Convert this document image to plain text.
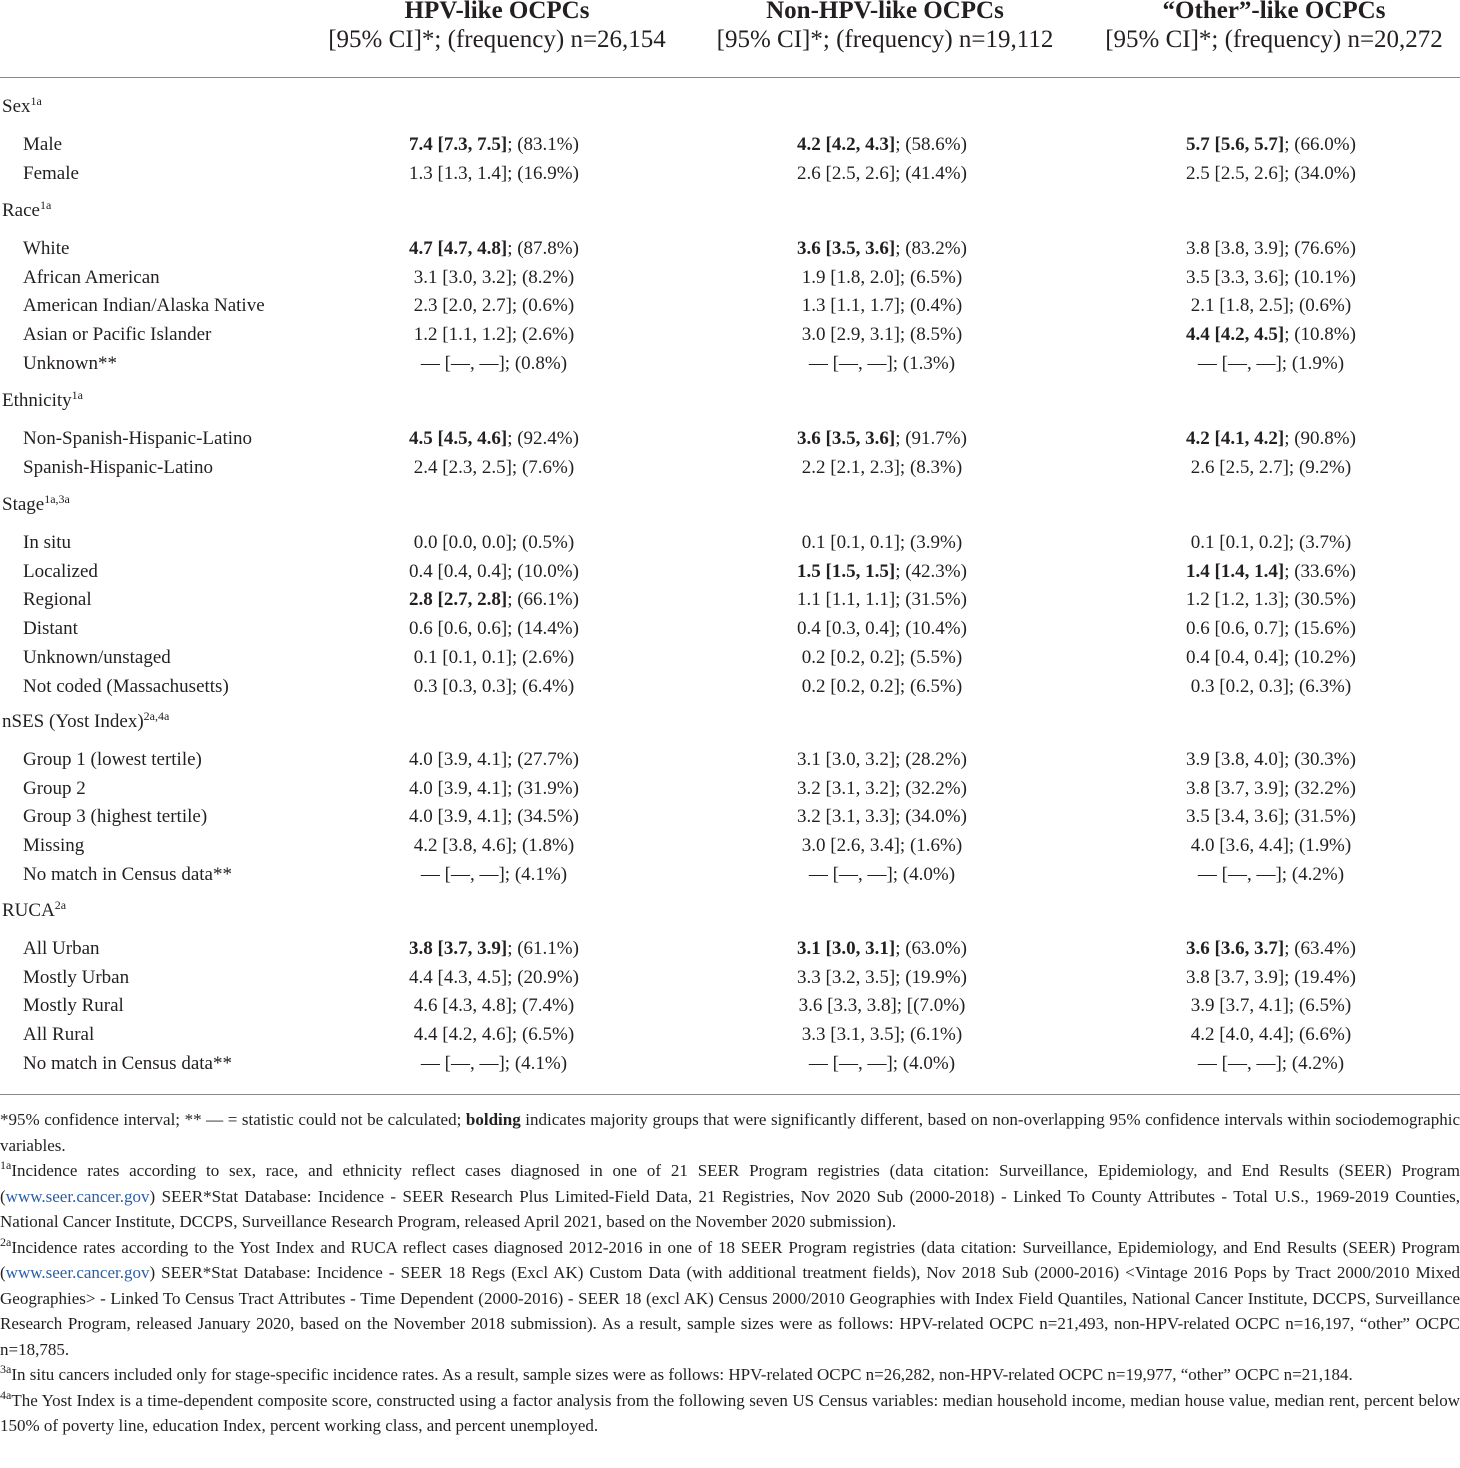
HPV-like OCPCs
[95% CI]*; (frequency) n=26,154
Non-HPV-like OCPCs
[95% CI]*; (frequency) n=19,112
“Other”-like OCPCs
[95% CI]*; (frequency) n=20,272
Sex$^{1a}$
Male	7.4 [7.3, 7.5]; (83.1%)	4.2 [4.2, 4.3]; (58.6%)	5.7 [5.6, 5.7]; (66.0%)
Female	1.3 [1.3, 1.4]; (16.9%)	2.6 [2.5, 2.6]; (41.4%)	2.5 [2.5, 2.6]; (34.0%)
Race$^{1a}$
White	4.7 [4.7, 4.8]; (87.8%)	3.6 [3.5, 3.6]; (83.2%)	3.8 [3.8, 3.9]; (76.6%)
African American	3.1 [3.0, 3.2]; (8.2%)	1.9 [1.8, 2.0]; (6.5%)	3.5 [3.3, 3.6]; (10.1%)
American Indian/Alaska Native	2.3 [2.0, 2.7]; (0.6%)	1.3 [1.1, 1.7]; (0.4%)	2.1 [1.8, 2.5]; (0.6%)
Asian or Pacific Islander	1.2 [1.1, 1.2]; (2.6%)	3.0 [2.9, 3.1]; (8.5%)	4.4 [4.2, 4.5]; (10.8%)
Unknown**	— [—, —]; (0.8%)	— [—, —]; (1.3%)	— [—, —]; (1.9%)
Ethnicity$^{1a}$
Non-Spanish-Hispanic-Latino	4.5 [4.5, 4.6]; (92.4%)	3.6 [3.5, 3.6]; (91.7%)	4.2 [4.1, 4.2]; (90.8%)
Spanish-Hispanic-Latino	2.4 [2.3, 2.5]; (7.6%)	2.2 [2.1, 2.3]; (8.3%)	2.6 [2.5, 2.7]; (9.2%)
Stage$^{1a,3a}$
In situ	0.0 [0.0, 0.0]; (0.5%)	0.1 [0.1, 0.1]; (3.9%)	0.1 [0.1, 0.2]; (3.7%)
Localized	0.4 [0.4, 0.4]; (10.0%)	1.5 [1.5, 1.5]; (42.3%)	1.4 [1.4, 1.4]; (33.6%)
Regional	2.8 [2.7, 2.8]; (66.1%)	1.1 [1.1, 1.1]; (31.5%)	1.2 [1.2, 1.3]; (30.5%)
Distant	0.6 [0.6, 0.6]; (14.4%)	0.4 [0.3, 0.4]; (10.4%)	0.6 [0.6, 0.7]; (15.6%)
Unknown/unstaged	0.1 [0.1, 0.1]; (2.6%)	0.2 [0.2, 0.2]; (5.5%)	0.4 [0.4, 0.4]; (10.2%)
Not coded (Massachusetts)	0.3 [0.3, 0.3]; (6.4%)	0.2 [0.2, 0.2]; (6.5%)	0.3 [0.2, 0.3]; (6.3%)
nSES (Yost Index)$^{2a,4a}$
Group 1 (lowest tertile)	4.0 [3.9, 4.1]; (27.7%)	3.1 [3.0, 3.2]; (28.2%)	3.9 [3.8, 4.0]; (30.3%)
Group 2	4.0 [3.9, 4.1]; (31.9%)	3.2 [3.1, 3.2]; (32.2%)	3.8 [3.7, 3.9]; (32.2%)
Group 3 (highest tertile)	4.0 [3.9, 4.1]; (34.5%)	3.2 [3.1, 3.3]; (34.0%)	3.5 [3.4, 3.6]; (31.5%)
Missing	4.2 [3.8, 4.6]; (1.8%)	3.0 [2.6, 3.4]; (1.6%)	4.0 [3.6, 4.4]; (1.9%)
No match in Census data**	— [—, —]; (4.1%)	— [—, —]; (4.0%)	— [—, —]; (4.2%)
$RUCA^{2a}$
All Urban	3.8 [3.7, 3.9]; (61.1%)	3.1 [3.0, 3.1]; (63.0%)	3.6 [3.6, 3.7]; (63.4%)
Mostly Urban	4.4 [4.3, 4.5]; (20.9%)	3.3 [3.2, 3.5]; (19.9%)	3.8 [3.7, 3.9]; (19.4%)
Mostly Rural	4.6 [4.3, 4.8]; (7.4%)	3.6 [3.3, 3.8]; [(7.0%)	3.9 [3.7, 4.1]; (6.5%)
All Rural	4.4 [4.2, 4.6]; (6.5%)	3.3 [3.1, 3.5]; (6.1%)	4.2 [4.0, 4.4]; (6.6%)
No match in Census data**	— [—, —]; (4.1%)	— [—, —]; (4.0%)	— [—, —]; (4.2%)
*95% confidence interval; ** — = statistic could not be calculated; bolding indicates majority groups that were significantly different, based on non-overlapping 95% confidence intervals within sociodemographic variables.
$^{1a}$Incidence rates according to sex, race, and ethnicity reflect cases diagnosed in one of 21 SEER Program registries (data citation: Surveillance, Epidemiology, and End Results (SEER) Program (www.seer.cancer.gov) SEER*Stat Database: Incidence - SEER Research Plus Limited-Field Data, 21 Registries, Nov 2020 Sub (2000-2018) - Linked To County Attributes - Total U.S., 1969-2019 Counties, National Cancer Institute, DCCPS, Surveillance Research Program, released April 2021, based on the November 2020 submission).
$^{2a}$Incidence rates according to the Yost Index and RUCA reflect cases diagnosed 2012-2016 in one of 18 SEER Program registries (data citation: Surveillance, Epidemiology, and End Results (SEER) Program (www.seer.cancer.gov) SEER*Stat Database: Incidence - SEER 18 Regs (Excl AK) Custom Data (with additional treatment fields), Nov 2018 Sub (2000-2016) <Vintage 2016 Pops by Tract 2000/2010 Mixed Geographies> - Linked To Census Tract Attributes - Time Dependent (2000-2016) - SEER 18 (excl AK) Census 2000/2010 Geographies with Index Field Quantiles, National Cancer Institute, DCCPS, Surveillance Research Program, released January 2020, based on the November 2018 submission). As a result, sample sizes were as follows: HPV-related OCPC n=21,493, non-HPV-related OCPC n=16,197, “other” OCPC n=18,785.
$^{3a}$In situ cancers included only for stage-specific incidence rates. As a result, sample sizes were as follows: HPV-related OCPC n=26,282, non-HPV-related OCPC n=19,977, “other” OCPC n=21,184.
$^{4a}$The Yost Index is a time-dependent composite score, constructed using a factor analysis from the following seven US Census variables: median household income, median house value, median rent, percent below 150% of poverty line, education Index, percent working class, and percent unemployed.
